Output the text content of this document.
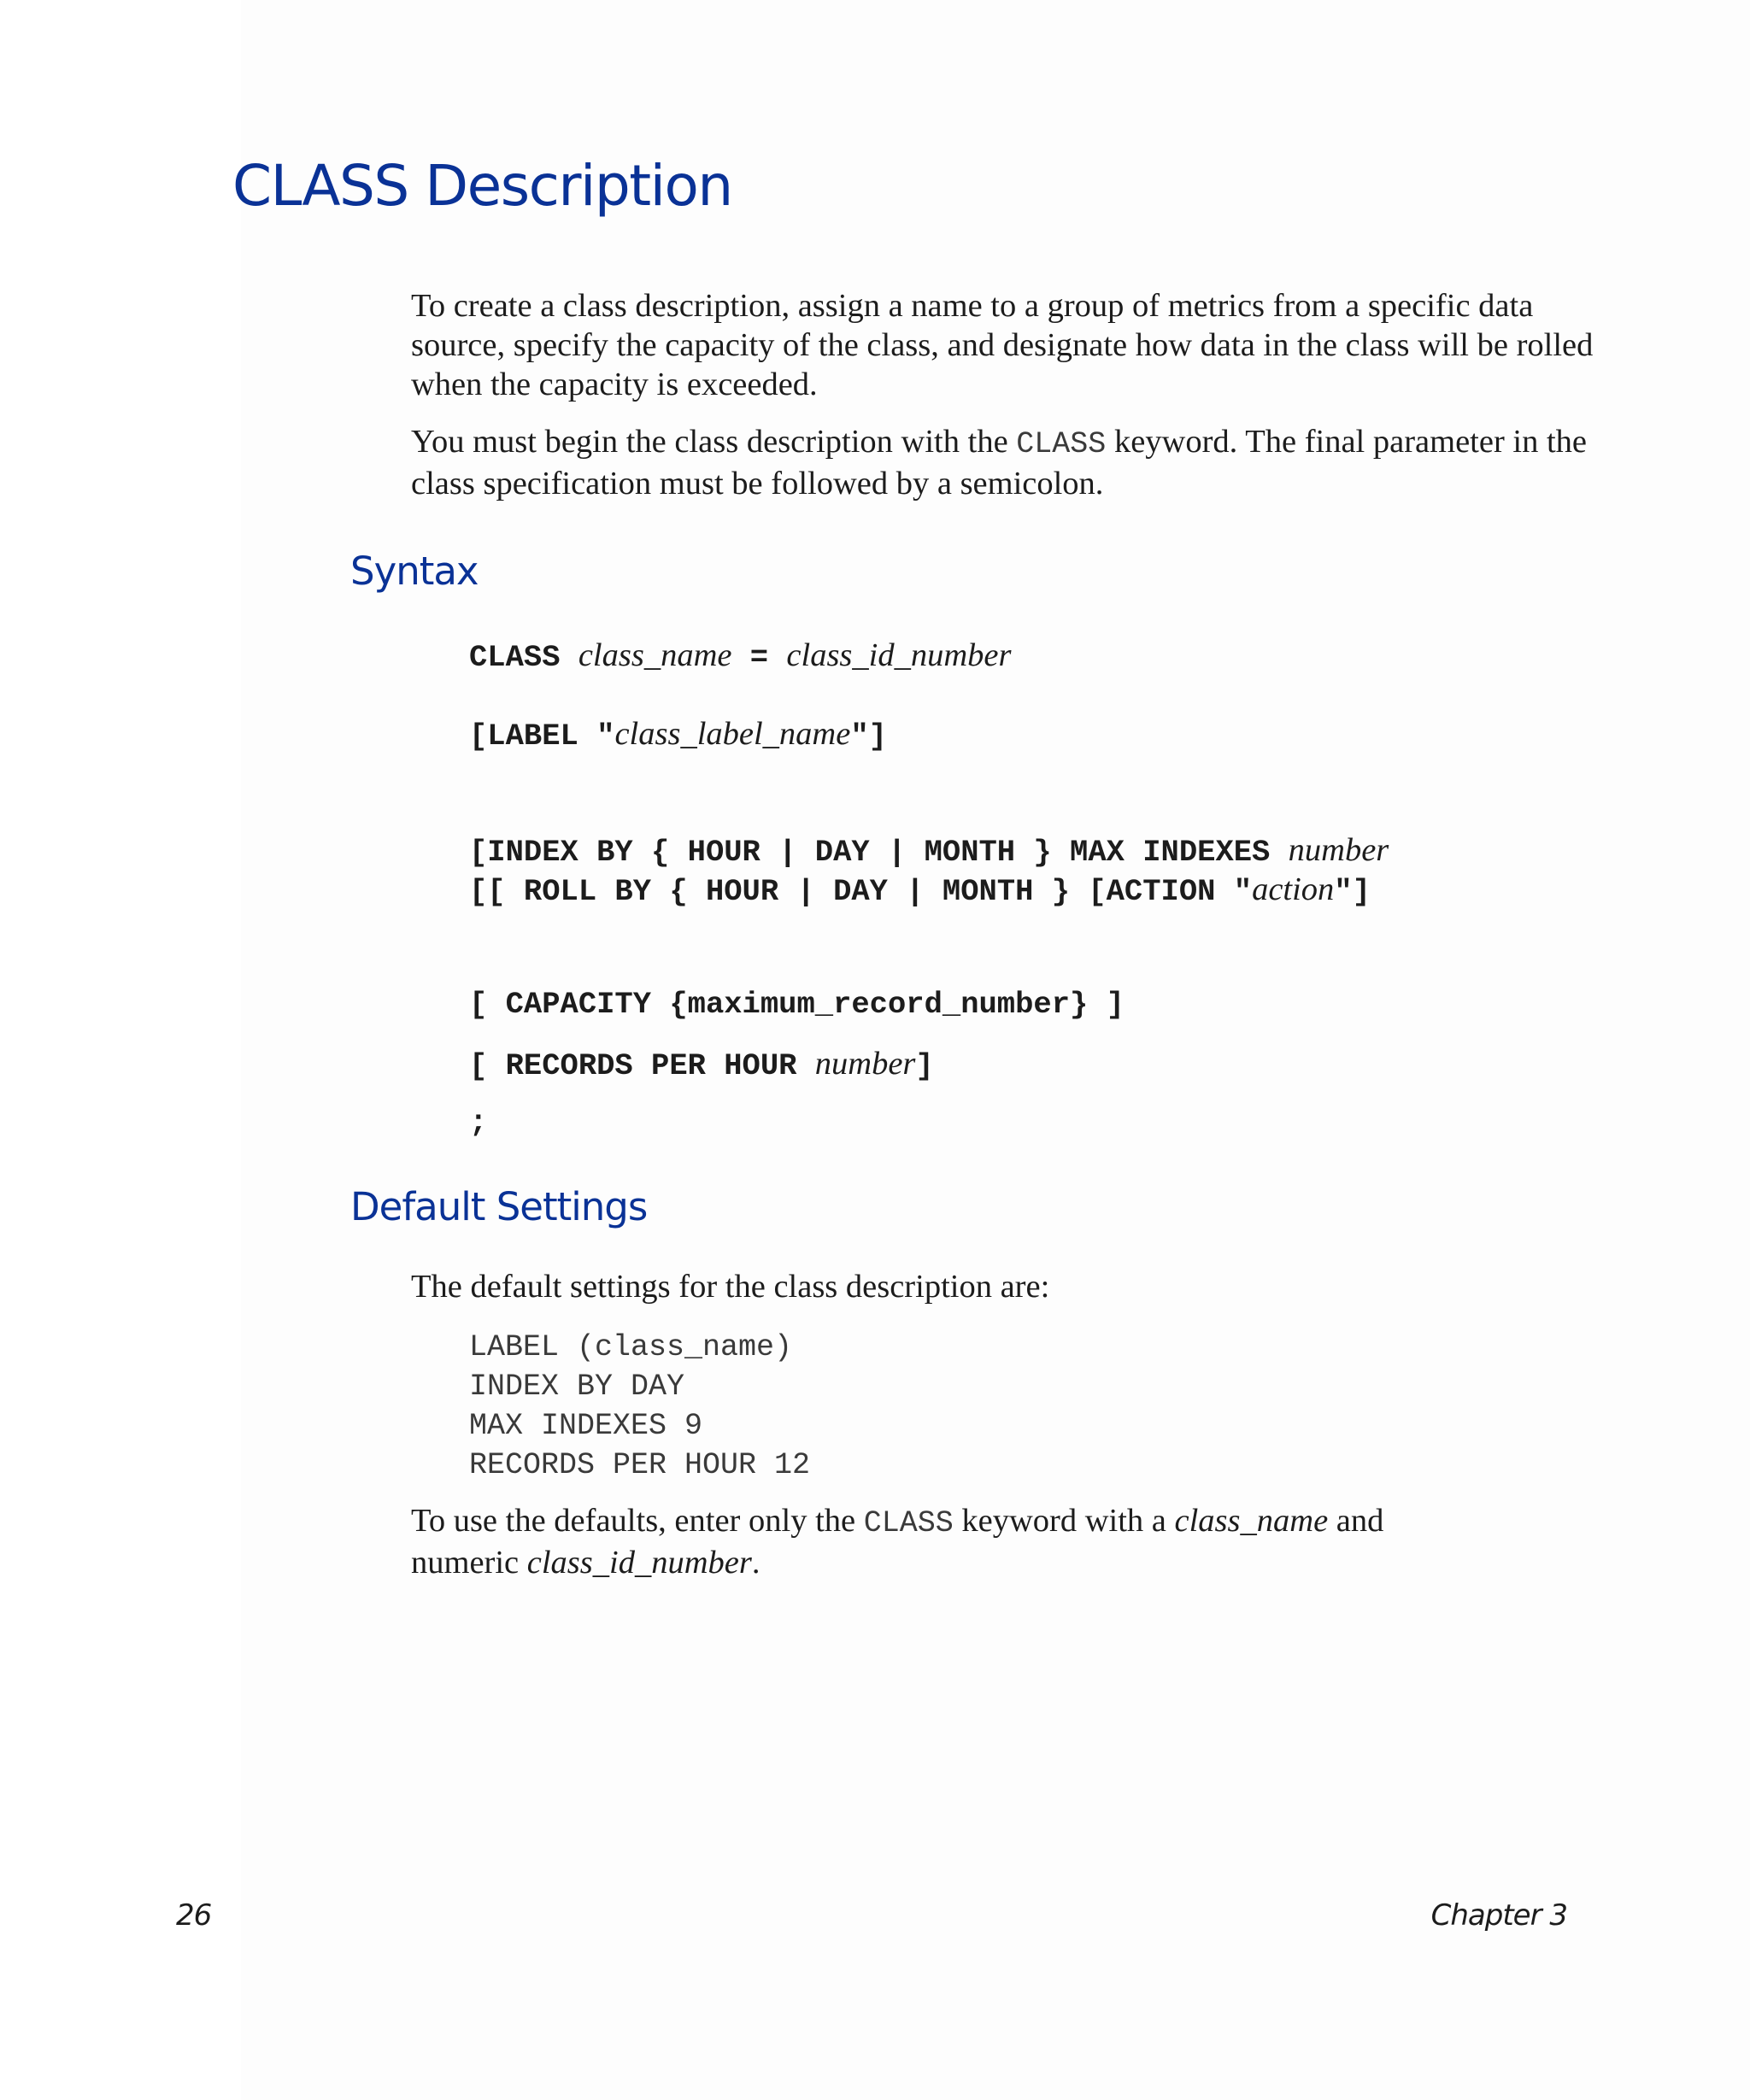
CLASS Description

To create a class description, assign a name to a group of metrics from a specific data source, specify the capacity of the class, and designate how data in the class will be rolled when the capacity is exceeded.

You must begin the class description with the CLASS keyword. The final parameter in the class specification must be followed by a semicolon.

Syntax
CLASS class_name = class_id_number
[LABEL "class_label_name"]
[INDEX BY { HOUR | DAY | MONTH } MAX INDEXES number
[[ ROLL BY { HOUR | DAY | MONTH } [ACTION "action"]
[ CAPACITY {maximum_record_number} ]
[ RECORDS PER HOUR number]
;
Default Settings

The default settings for the class description are:

LABEL (class_name)
INDEX BY DAY
MAX INDEXES 9
RECORDS PER HOUR 12

To use the defaults, enter only the CLASS keyword with a class_name and
numeric class_id_number.

26	Chapter 3
